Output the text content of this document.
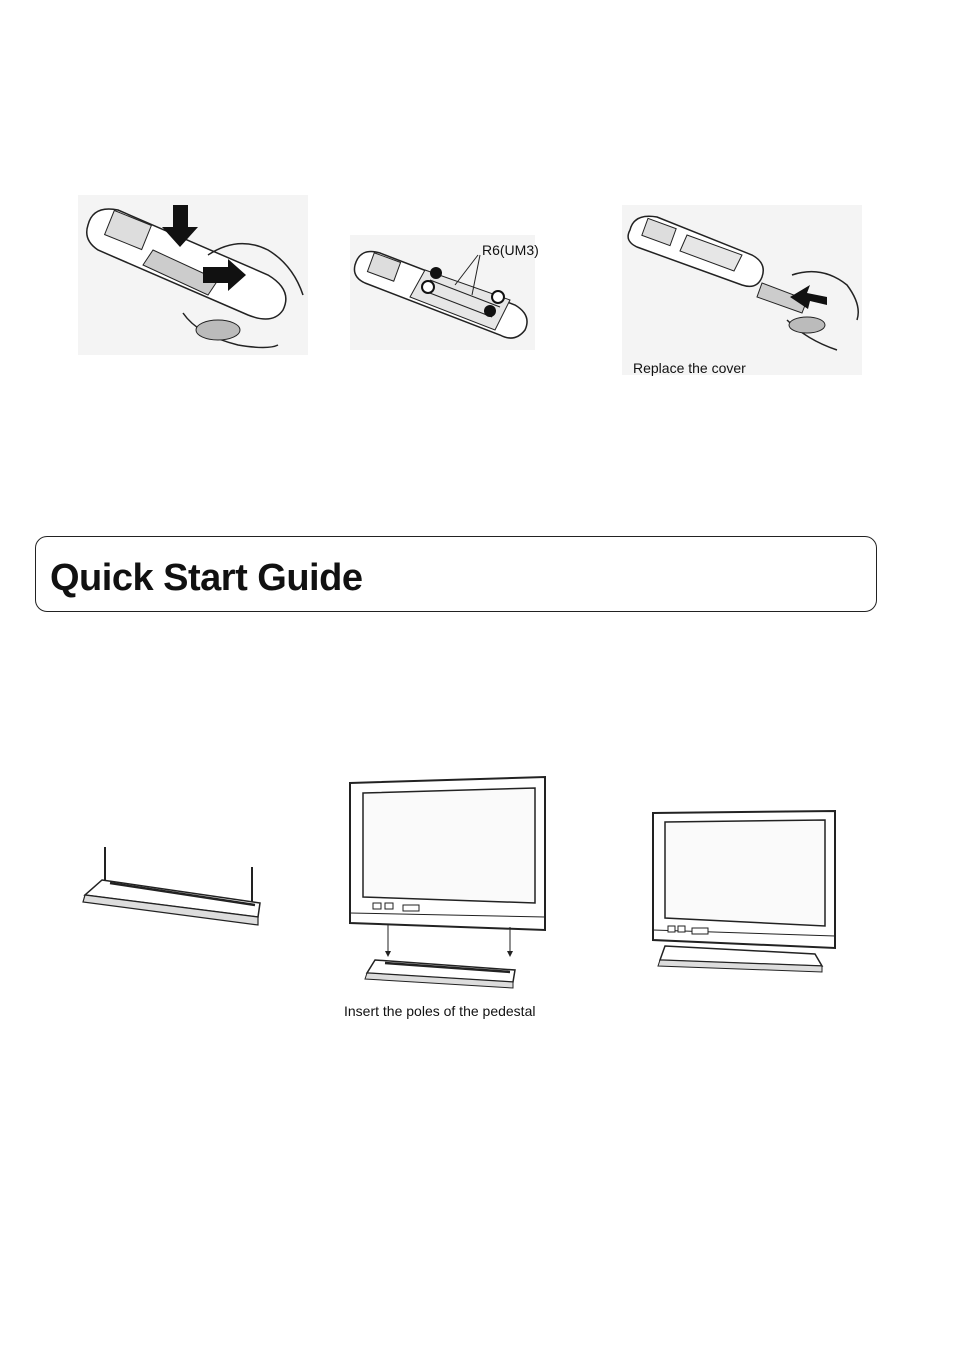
R6(UM3)
Replace the cover
Quick Start Guide
Insert the poles of the pedestal
